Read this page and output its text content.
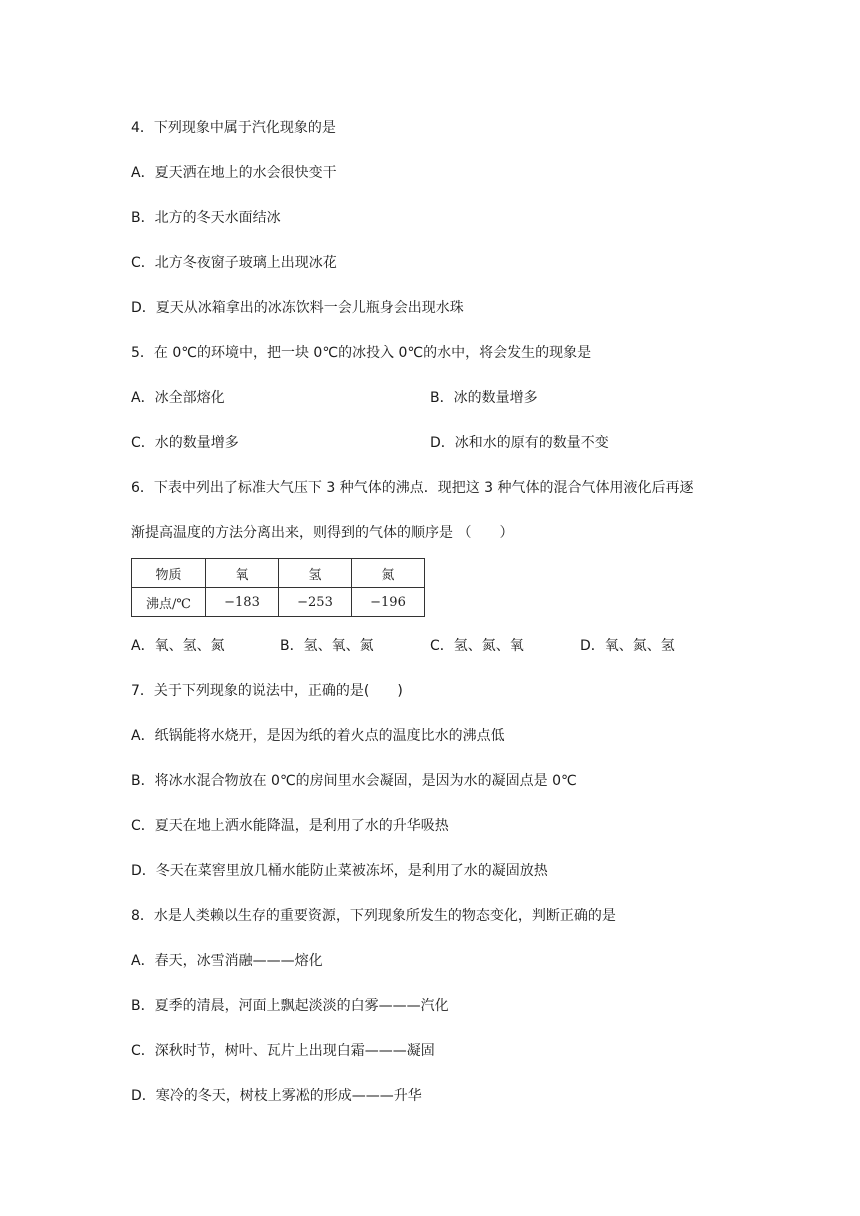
4．下列现象中属于汽化现象的是
A．夏天洒在地上的水会很快变干
B．北方的冬天水面结冰
C．北方冬夜窗子玻璃上出现冰花
D．夏天从冰箱拿出的冰冻饮料一会儿瓶身会出现水珠
5．在 0℃的环境中，把一块 0℃的冰投入 0℃的水中，将会发生的现象是
A．冰全部熔化	B．冰的数量增多
C．水的数量增多	D．冰和水的原有的数量不变
6．下表中列出了标准大气压下 3 种气体的沸点．现把这 3 种气体的混合气体用液化后再逐
渐提高温度的方法分离出来，则得到的气体的顺序是 （　　）
物质	氧	氢	氮
沸点/℃	−183	−253	−196
A．氧、氢、氮	B．氢、氧、氮	C．氢、氮、氧	D．氧、氮、氢
7．关于下列现象的说法中，正确的是(　　)
A．纸锅能将水烧开，是因为纸的着火点的温度比水的沸点低
B．将冰水混合物放在 0℃的房间里水会凝固，是因为水的凝固点是 0℃
C．夏天在地上洒水能降温，是利用了水的升华吸热
D．冬天在菜窖里放几桶水能防止菜被冻坏，是利用了水的凝固放热
8．水是人类赖以生存的重要资源，下列现象所发生的物态变化，判断正确的是
A．春天，冰雪消融———熔化
B．夏季的清晨，河面上飘起淡淡的白雾———汽化
C．深秋时节，树叶、瓦片上出现白霜———凝固
D．寒冷的冬天，树枝上雾凇的形成———升华
